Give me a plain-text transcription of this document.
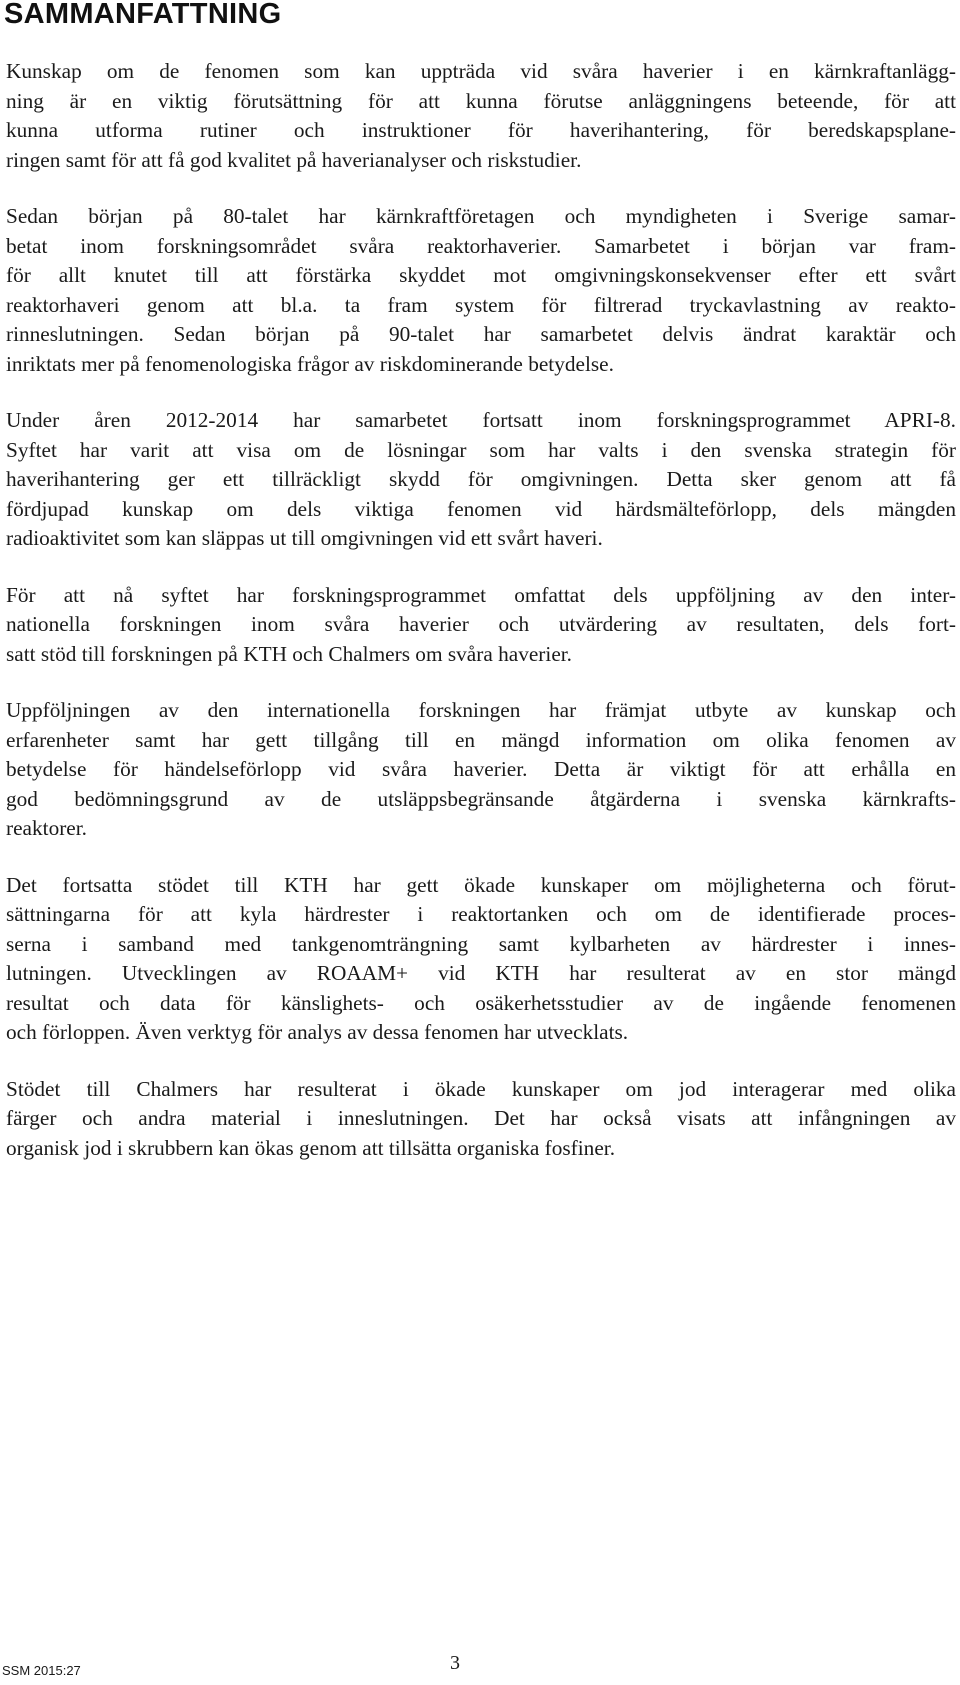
SAMMANFATTNING

Kunskap om de fenomen som kan uppträda vid svåra haverier i en kärnkraftanlägg-
ning är en viktig förutsättning för att kunna förutse anläggningens beteende, för att
kunna utforma rutiner och instruktioner för haverihantering, för beredskapsplane-
ringen samt för att få god kvalitet på haverianalyser och riskstudier.

Sedan början på 80-talet har kärnkraftföretagen och myndigheten i Sverige samar-
betat inom forskningsområdet svåra reaktorhaverier. Samarbetet i början var fram-
för allt knutet till att förstärka skyddet mot omgivningskonsekvenser efter ett svårt
reaktorhaveri genom att bl.a. ta fram system för filtrerad tryckavlastning av reakto-
rinneslutningen. Sedan början på 90-talet har samarbetet delvis ändrat karaktär och
inriktats mer på fenomenologiska frågor av riskdominerande betydelse.

Under åren 2012-2014 har samarbetet fortsatt inom forskningsprogrammet APRI-8.
Syftet har varit att visa om de lösningar som har valts i den svenska strategin för
haverihantering ger ett tillräckligt skydd för omgivningen. Detta sker genom att få
fördjupad kunskap om dels viktiga fenomen vid härdsmälteförlopp, dels mängden
radioaktivitet som kan släppas ut till omgivningen vid ett svårt haveri.

För att nå syftet har forskningsprogrammet omfattat dels uppföljning av den inter-
nationella forskningen inom svåra haverier och utvärdering av resultaten, dels fort-
satt stöd till forskningen på KTH och Chalmers om svåra haverier.

Uppföljningen av den internationella forskningen har främjat utbyte av kunskap och
erfarenheter samt har gett tillgång till en mängd information om olika fenomen av
betydelse för händelseförlopp vid svåra haverier. Detta är viktigt för att erhålla en
god bedömningsgrund av de utsläppsbegränsande åtgärderna i svenska kärnkrafts-
reaktorer.

Det fortsatta stödet till KTH har gett ökade kunskaper om möjligheterna och förut-
sättningarna för att kyla härdrester i reaktortanken och om de identifierade proces-
serna i samband med tankgenomträngning samt kylbarheten av härdrester i innes-
lutningen. Utvecklingen av ROAAM+ vid KTH har resulterat av en stor mängd
resultat och data för känslighets- och osäkerhetsstudier av de ingående fenomenen
och förloppen. Även verktyg för analys av dessa fenomen har utvecklats.

Stödet till Chalmers har resulterat i ökade kunskaper om jod interagerar med olika
färger och andra material i inneslutningen. Det har också visats att infångningen av
organisk jod i skrubbern kan ökas genom att tillsätta organiska fosfiner.

SSM 2015:27	3
